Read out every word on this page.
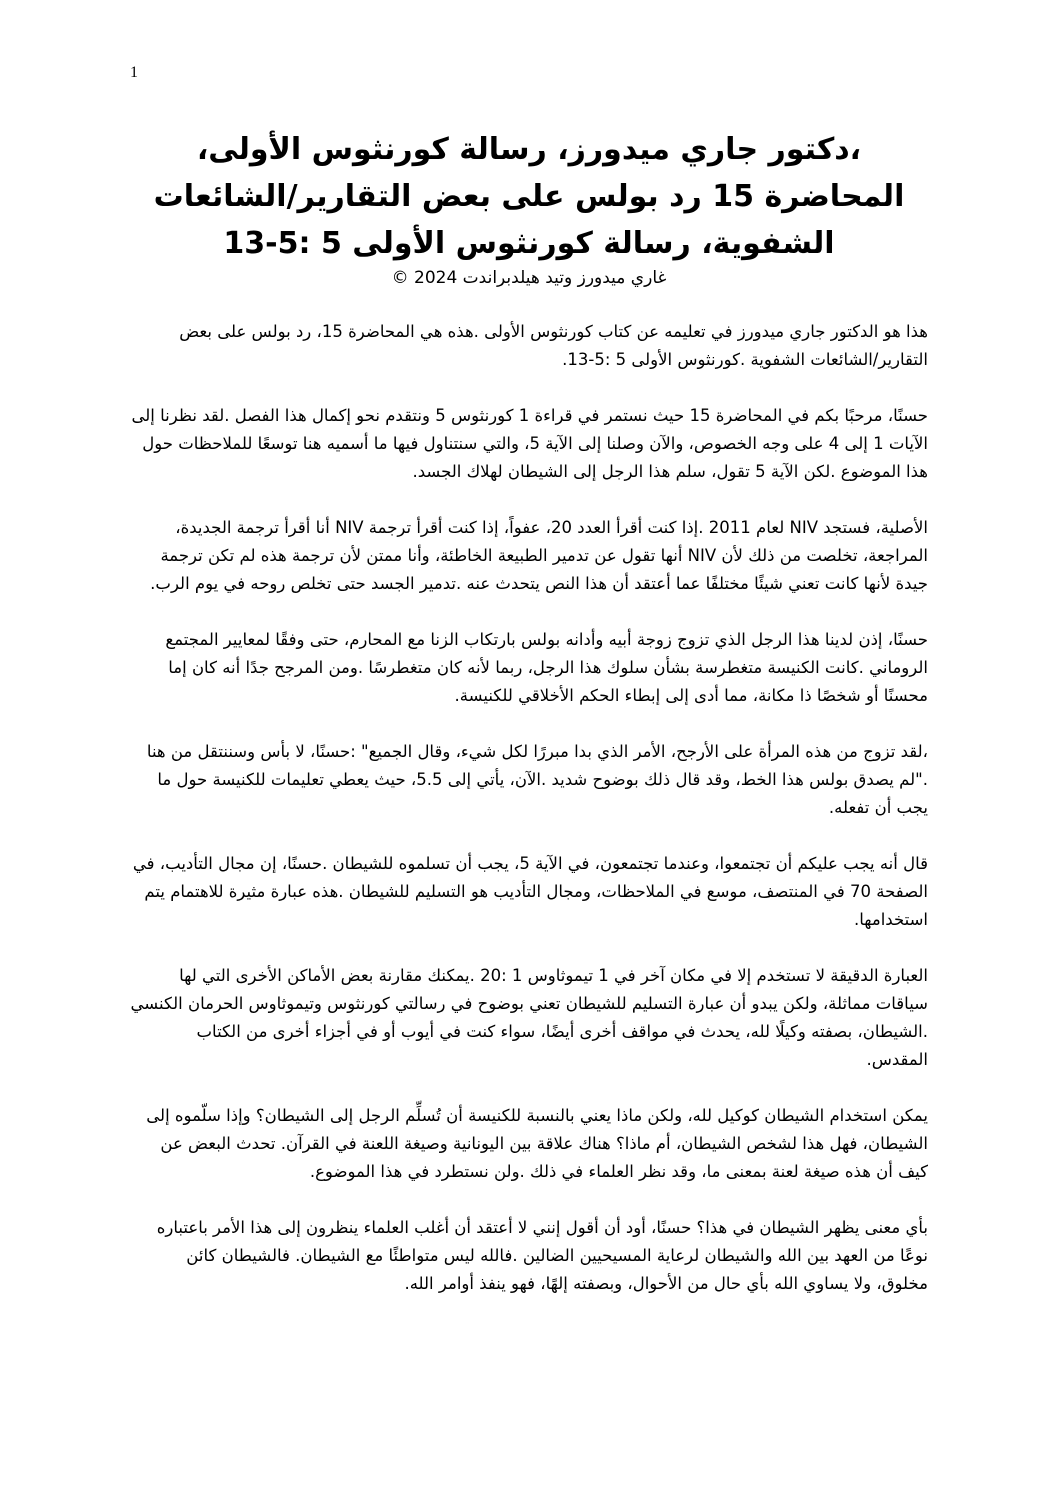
1
،دكتور جاري ميدورز، رسالة كورنثوس الأولى، المحاضرة 15 رد بولس على بعض التقارير/الشائعات الشفوية، رسالة كورنثوس الأولى 5 :5-13
غاري ميدورز وتيد هيلدبراندت 2024 ©

هذا هو الدكتور جاري ميدورز في تعليمه عن كتاب كورنثوس الأولى .هذه هي المحاضرة 15، رد بولس على بعض التقارير/الشائعات الشفوية .كورنثوس الأولى 5 :5-13.

حسنًا، مرحبًا بكم في المحاضرة 15 حيث نستمر في قراءة 1 كورنثوس 5 ونتقدم نحو إكمال هذا الفصل .لقد نظرنا إلى الآيات 1 إلى 4 على وجه الخصوص، والآن وصلنا إلى الآية 5، والتي سنتناول فيها ما أسميه هنا توسعًا للملاحظات حول هذا الموضوع .لكن الآية 5 تقول، سلم هذا الرجل إلى الشيطان لهلاك الجسد.

الأصلية، فستجد NIV لعام 2011 .إذا كنت أقرأ العدد 20، عفواً، إذا كنت أقرأ ترجمة NIV أنا أقرأ ترجمة الجديدة، المراجعة، تخلصت من ذلك لأن NIV أنها تقول عن تدمير الطبيعة الخاطئة، وأنا ممتن لأن ترجمة هذه لم تكن ترجمة جيدة لأنها كانت تعني شيئًا مختلفًا عما أعتقد أن هذا النص يتحدث عنه .تدمير الجسد حتى تخلص روحه في يوم الرب.

حسنًا، إذن لدينا هذا الرجل الذي تزوج زوجة أبيه وأدانه بولس بارتكاب الزنا مع المحارم، حتى وفقًا لمعايير المجتمع الروماني .كانت الكنيسة متغطرسة بشأن سلوك هذا الرجل، ربما لأنه كان متغطرسًا .ومن المرجح جدًا أنه كان إما محسنًا أو شخصًا ذا مكانة، مما أدى إلى إبطاء الحكم الأخلاقي للكنيسة.

،لقد تزوج من هذه المرأة على الأرجح، الأمر الذي بدا مبررًا لكل شيء، وقال الجميع" :حسنًا، لا بأس وسننتقل من هنا ."لم يصدق بولس هذا الخط، وقد قال ذلك بوضوح شديد .الآن، يأتي إلى 5.5، حيث يعطي تعليمات للكنيسة حول ما يجب أن تفعله.

قال أنه يجب عليكم أن تجتمعوا، وعندما تجتمعون، في الآية 5، يجب أن تسلموه للشيطان .حسنًا، إن مجال التأديب، في الصفحة 70 في المنتصف، موسع في الملاحظات، ومجال التأديب هو التسليم للشيطان .هذه عبارة مثيرة للاهتمام يتم استخدامها.

العبارة الدقيقة لا تستخدم إلا في مكان آخر في 1 تيموثاوس 1 :20 .يمكنك مقارنة بعض الأماكن الأخرى التي لها سياقات مماثلة، ولكن يبدو أن عبارة التسليم للشيطان تعني بوضوح في رسالتي كورنثوس وتيموثاوس الحرمان الكنسي .الشيطان، بصفته وكيلًا لله، يحدث في مواقف أخرى أيضًا، سواء كنت في أيوب أو في أجزاء أخرى من الكتاب المقدس.

يمكن استخدام الشيطان كوكيل لله، ولكن ماذا يعني بالنسبة للكنيسة أن تُسلِّم الرجل إلى الشيطان؟ وإذا سلّموه إلى الشيطان، فهل هذا لشخص الشيطان، أم ماذا؟ هناك علاقة بين اليونانية وصيغة اللعنة في القرآن. تحدث البعض عن كيف أن هذه صيغة لعنة بمعنى ما، وقد نظر العلماء في ذلك .ولن نستطرد في هذا الموضوع.

بأي معنى يظهر الشيطان في هذا؟ حسنًا، أود أن أقول إنني لا أعتقد أن أغلب العلماء ينظرون إلى هذا الأمر باعتباره نوعًا من العهد بين الله والشيطان لرعاية المسيحيين الضالين .فالله ليس متواطئًا مع الشيطان. فالشيطان كائن مخلوق، ولا يساوي الله بأي حال من الأحوال، وبصفته إلهًا، فهو ينفذ أوامر الله.
